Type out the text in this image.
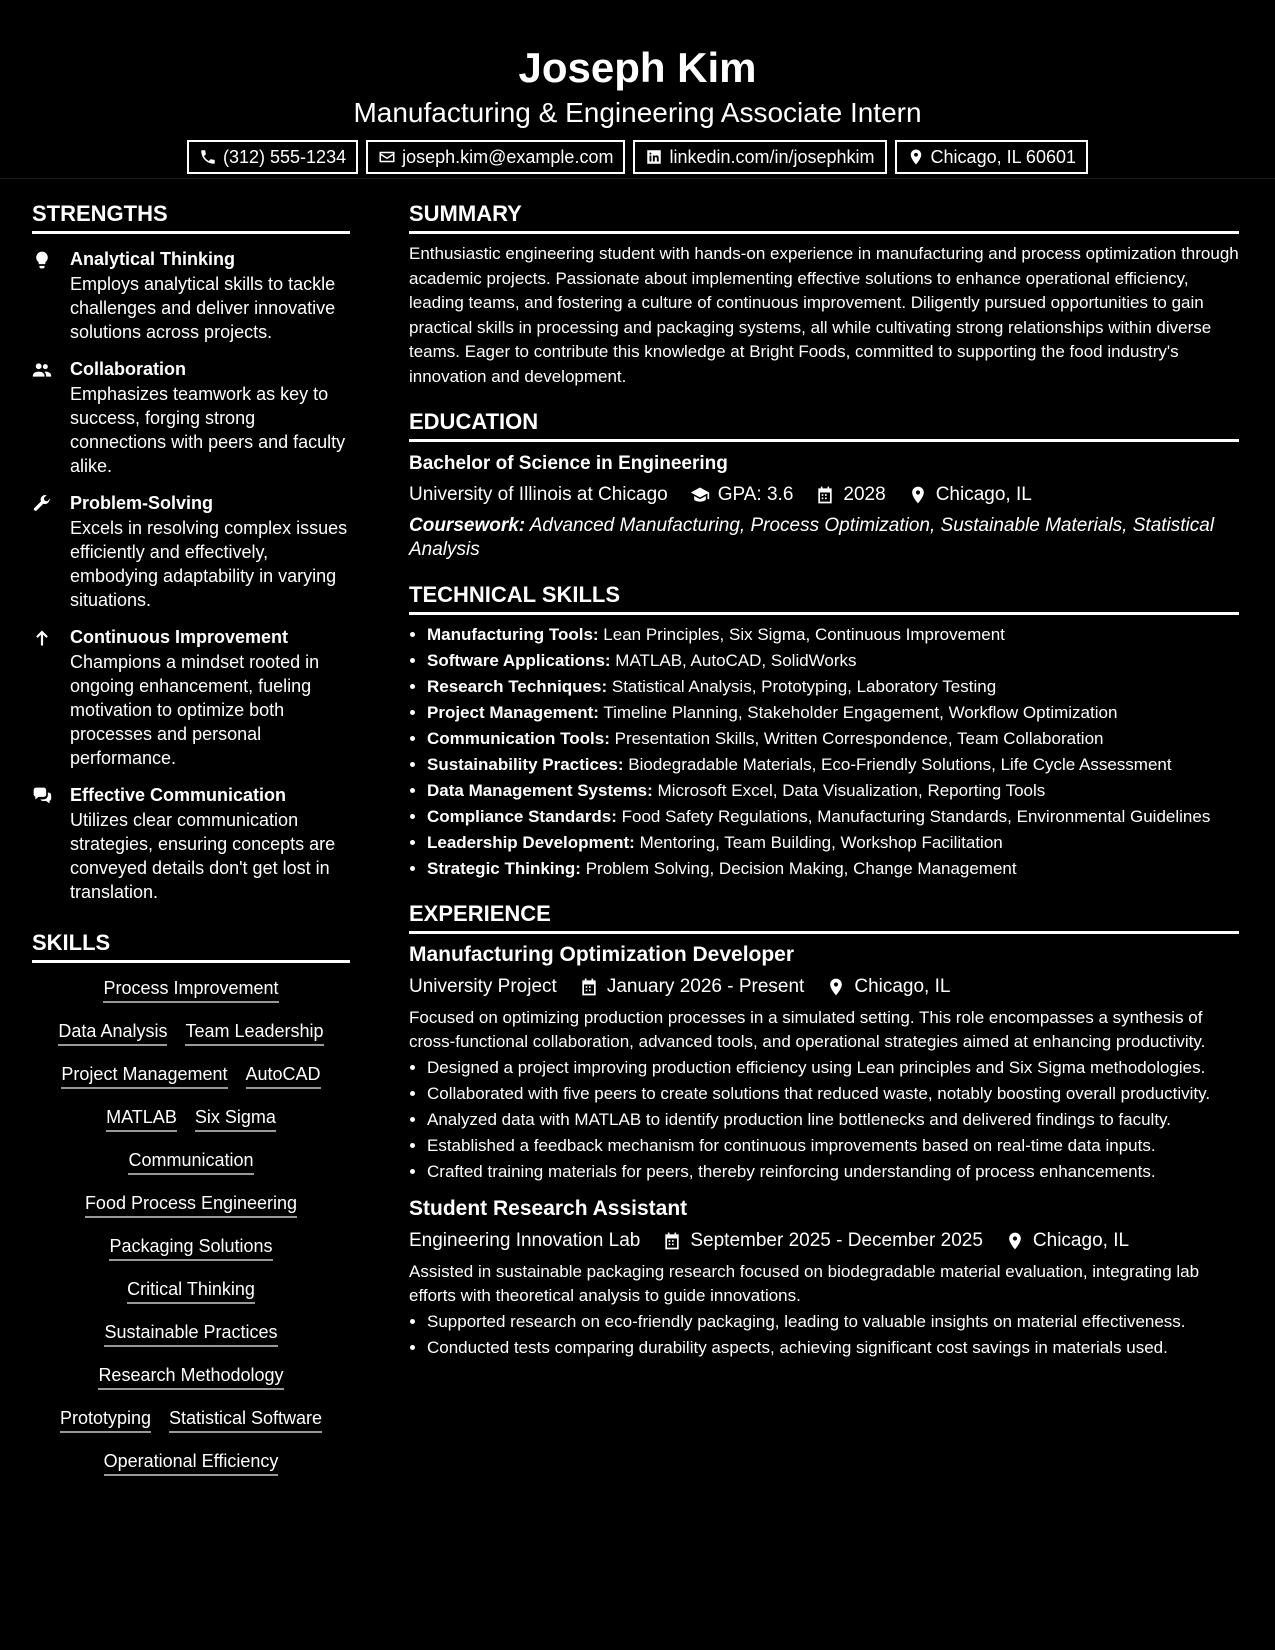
Joseph Kim
Manufacturing & Engineering Associate Intern
(312) 555-1234	joseph.kim@example.com	linkedin.com/in/josephkim	Chicago, IL 60601
STRENGTHS
Analytical Thinking
Employs analytical skills to tackle challenges and deliver innovative solutions across projects.
Collaboration
Emphasizes teamwork as key to success, forging strong connections with peers and faculty alike.
Problem-Solving
Excels in resolving complex issues efficiently and effectively, embodying adaptability in varying situations.
Continuous Improvement
Champions a mindset rooted in ongoing enhancement, fueling motivation to optimize both processes and personal performance.
Effective Communication
Utilizes clear communication strategies, ensuring concepts are conveyed details don't get lost in translation.
SKILLS
Process Improvement
Data Analysis Team Leadership
Project Management AutoCAD
MATLAB Six Sigma
Communication
Food Process Engineering
Packaging Solutions
Critical Thinking
Sustainable Practices
Research Methodology
Prototyping Statistical Software
Operational Efficiency
SUMMARY
Enthusiastic engineering student with hands-on experience in manufacturing and process optimization through academic projects. Passionate about implementing effective solutions to enhance operational efficiency, leading teams, and fostering a culture of continuous improvement. Diligently pursued opportunities to gain practical skills in processing and packaging systems, all while cultivating strong relationships within diverse teams. Eager to contribute this knowledge at Bright Foods, committed to supporting the food industry's innovation and development.
EDUCATION
Bachelor of Science in Engineering
University of Illinois at Chicago	GPA: 3.6	2028	Chicago, IL
Coursework: Advanced Manufacturing, Process Optimization, Sustainable Materials, Statistical Analysis
TECHNICAL SKILLS
• Manufacturing Tools: Lean Principles, Six Sigma, Continuous Improvement
• Software Applications: MATLAB, AutoCAD, SolidWorks
• Research Techniques: Statistical Analysis, Prototyping, Laboratory Testing
• Project Management: Timeline Planning, Stakeholder Engagement, Workflow Optimization
• Communication Tools: Presentation Skills, Written Correspondence, Team Collaboration
• Sustainability Practices: Biodegradable Materials, Eco-Friendly Solutions, Life Cycle Assessment
• Data Management Systems: Microsoft Excel, Data Visualization, Reporting Tools
• Compliance Standards: Food Safety Regulations, Manufacturing Standards, Environmental Guidelines
• Leadership Development: Mentoring, Team Building, Workshop Facilitation
• Strategic Thinking: Problem Solving, Decision Making, Change Management
EXPERIENCE
Manufacturing Optimization Developer
University Project	January 2026 - Present	Chicago, IL
Focused on optimizing production processes in a simulated setting. This role encompasses a synthesis of cross-functional collaboration, advanced tools, and operational strategies aimed at enhancing productivity.
• Designed a project improving production efficiency using Lean principles and Six Sigma methodologies.
• Collaborated with five peers to create solutions that reduced waste, notably boosting overall productivity.
• Analyzed data with MATLAB to identify production line bottlenecks and delivered findings to faculty.
• Established a feedback mechanism for continuous improvements based on real-time data inputs.
• Crafted training materials for peers, thereby reinforcing understanding of process enhancements.
Student Research Assistant
Engineering Innovation Lab	September 2025 - December 2025	Chicago, IL
Assisted in sustainable packaging research focused on biodegradable material evaluation, integrating lab efforts with theoretical analysis to guide innovations.
• Supported research on eco-friendly packaging, leading to valuable insights on material effectiveness.
• Conducted tests comparing durability aspects, achieving significant cost savings in materials used.
